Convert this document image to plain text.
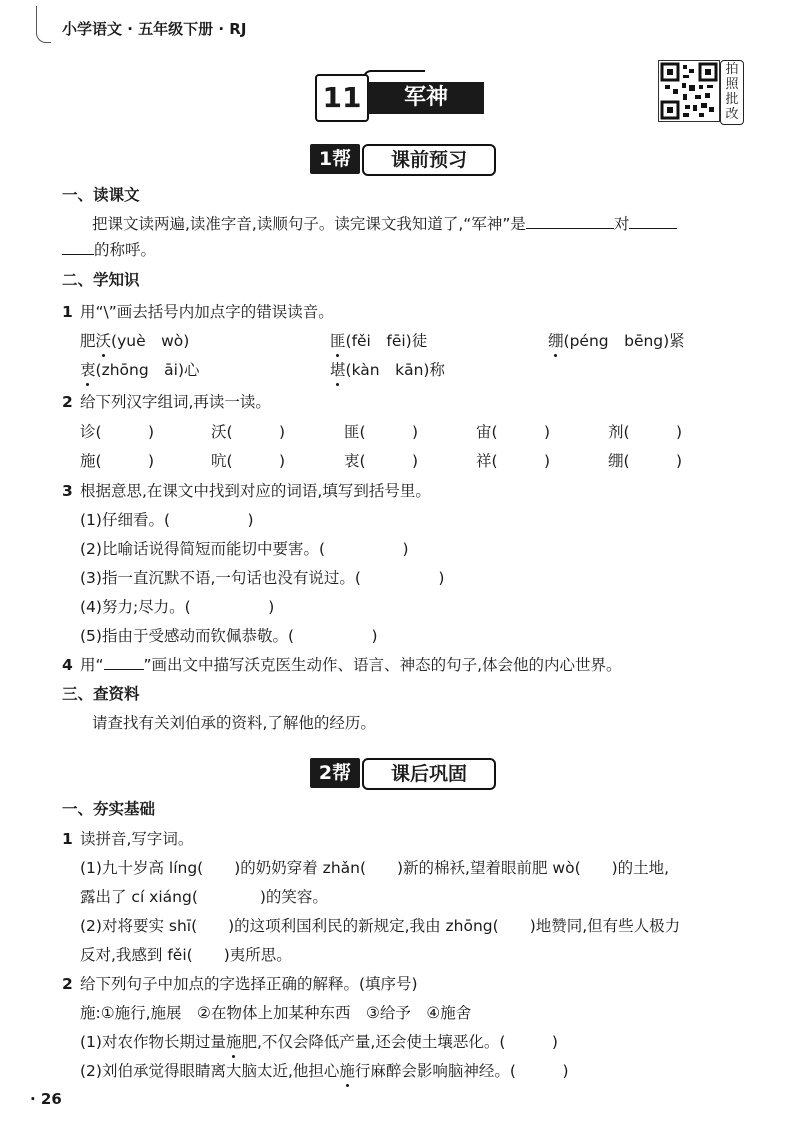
小学语文 · 五年级下册 · RJ
11	军神
拍
照
批
改
1帮	课前预习
一、读课文
把课文读两遍,读准字音,读顺句子。读完课文我知道了,“军神”是	对
的称呼。
二、学知识
1 用“\”画去括号内加点字的错误读音。
肥沃(yuè　wò)	匪(fěi　fēi)徒	绷(péng　bēng)紧
衷(zhōng　āi)心	堪(kàn　kān)称
2 给下列汉字组词,再读一读。
诊(　　　)	沃(　　　)	匪(　　　)	宙(　　　)	剂(　　　)
施(　　　)	吭(　　　)	衷(　　　)	祥(　　　)	绷(　　　)
3 根据意思,在课文中找到对应的词语,填写到括号里。
(1)仔细看。(　　　　　)
(2)比喻话说得简短而能切中要害。(　　　　　)
(3)指一直沉默不语,一句话也没有说过。(　　　　　)
(4)努力;尽力。(　　　　　)
(5)指由于受感动而钦佩恭敬。(　　　　　)
4 用“	”画出文中描写沃克医生动作、语言、神态的句子,体会他的内心世界。
三、查资料
请查找有关刘伯承的资料,了解他的经历。
2帮	课后巩固
一、夯实基础
1 读拼音,写字词。
(1)九十岁高 líng(　　)的奶奶穿着 zhǎn(　　)新的棉袄,望着眼前肥 wò(　　)的土地,
露出了 cí xiáng(　　　　)的笑容。
(2)对将要实 shī(　　)的这项利国利民的新规定,我由 zhōng(　　)地赞同,但有些人极力
反对,我感到 fěi(　　)夷所思。
2 给下列句子中加点的字选择正确的解释。(填序号)
施:①施行,施展　②在物体上加某种东西　③给予　④施舍
(1)对农作物长期过量施肥,不仅会降低产量,还会使土壤恶化。(　　　)
(2)刘伯承觉得眼睛离大脑太近,他担心施行麻醉会影响脑神经。(　　　)
· 26
